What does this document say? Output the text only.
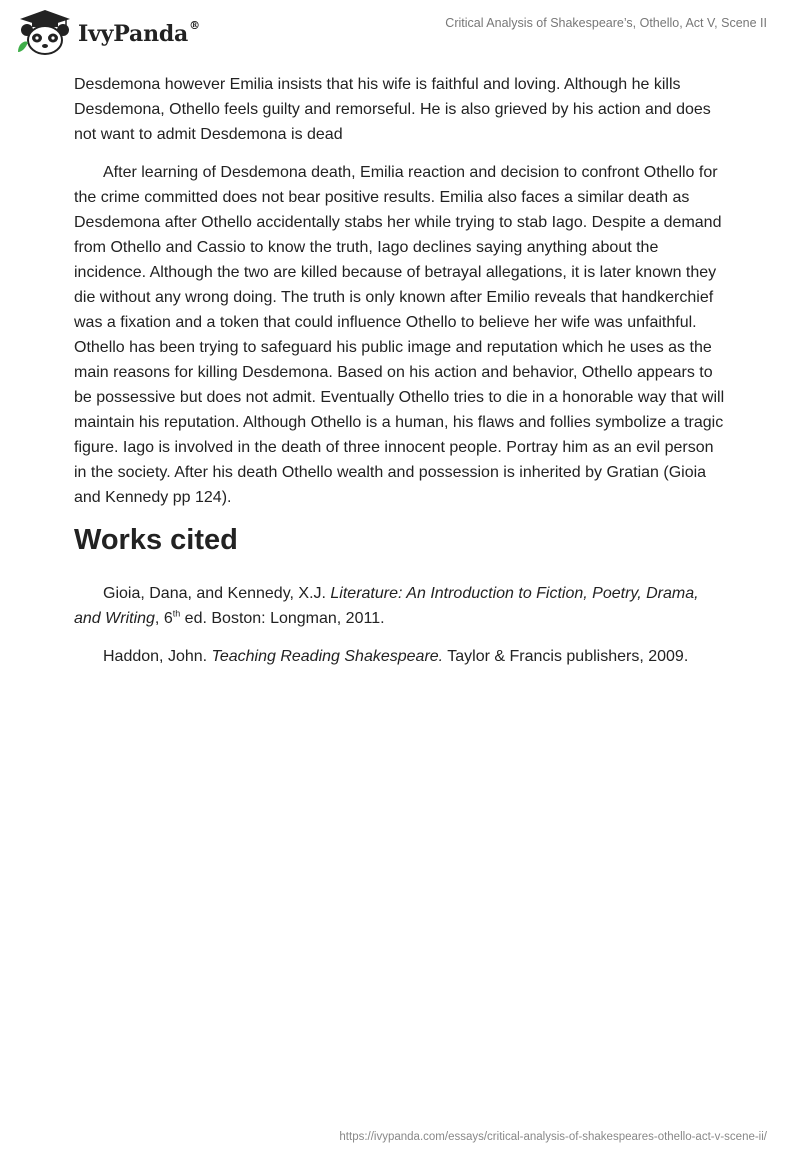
IvyPanda®	Critical Analysis of Shakespeare’s, Othello, Act V, Scene II

Desdemona however Emilia insists that his wife is faithful and loving. Although he kills Desdemona, Othello feels guilty and remorseful. He is also grieved by his action and does not want to admit Desdemona is dead

After learning of Desdemona death, Emilia reaction and decision to confront Othello for the crime committed does not bear positive results. Emilia also faces a similar death as Desdemona after Othello accidentally stabs her while trying to stab Iago. Despite a demand from Othello and Cassio to know the truth, Iago declines saying anything about the incidence. Although the two are killed because of betrayal allegations, it is later known they die without any wrong doing. The truth is only known after Emilio reveals that handkerchief was a fixation and a token that could influence Othello to believe her wife was unfaithful. Othello has been trying to safeguard his public image and reputation which he uses as the main reasons for killing Desdemona. Based on his action and behavior, Othello appears to be possessive but does not admit. Eventually Othello tries to die in a honorable way that will maintain his reputation. Although Othello is a human, his flaws and follies symbolize a tragic figure. Iago is involved in the death of three innocent people. Portray him as an evil person in the society. After his death Othello wealth and possession is inherited by Gratian (Gioia and Kennedy pp 124).

Works cited

Gioia, Dana, and Kennedy, X.J. Literature: An Introduction to Fiction, Poetry, Drama, and Writing, 6th ed. Boston: Longman, 2011.

Haddon, John. Teaching Reading Shakespeare. Taylor & Francis publishers, 2009.

https://ivypanda.com/essays/critical-analysis-of-shakespeares-othello-act-v-scene-ii/
